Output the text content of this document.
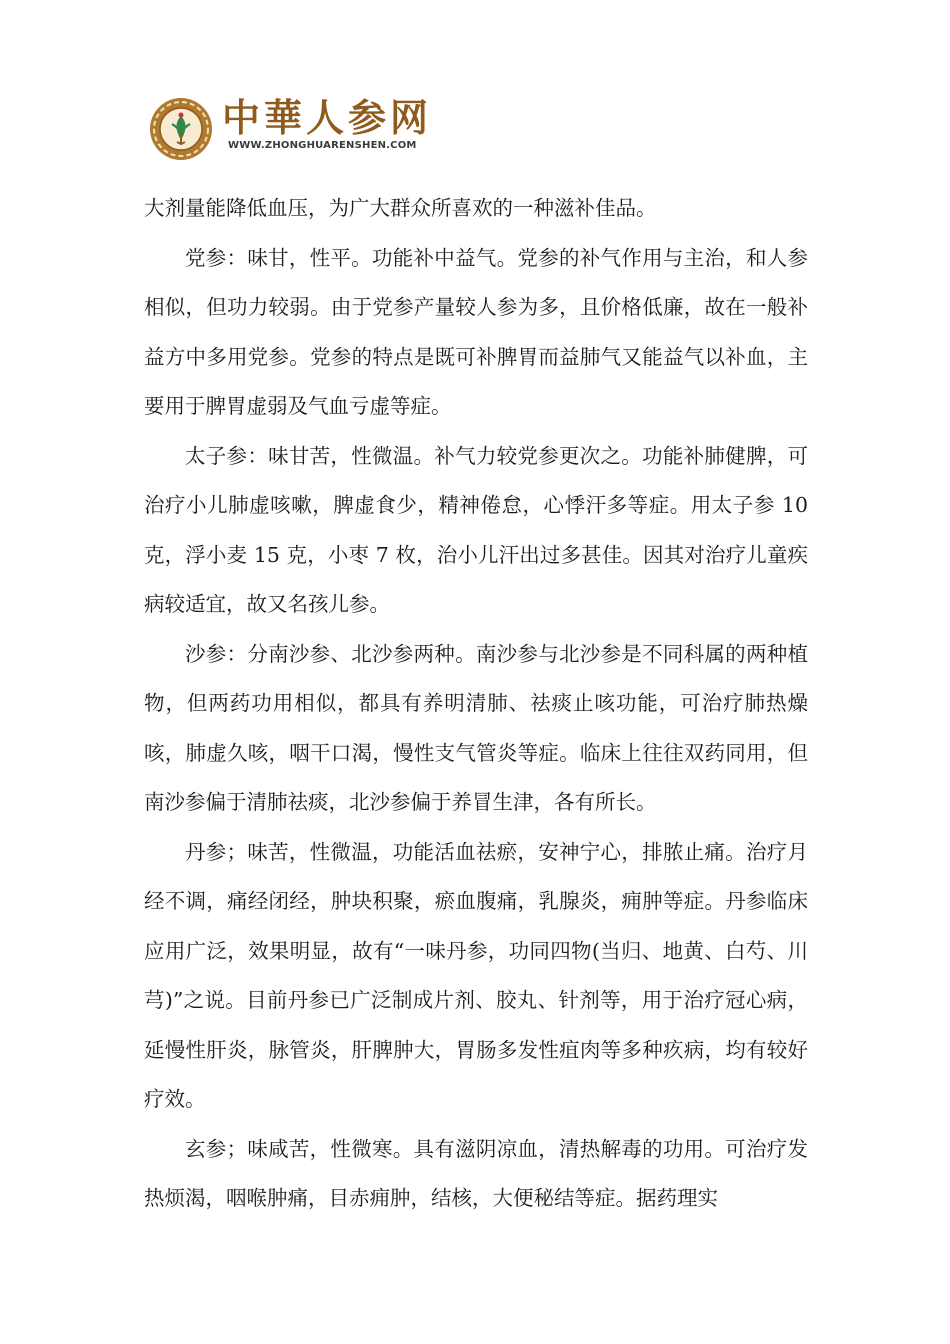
中華人参网
WWW.ZHONGHUARENSHEN.COM

大剂量能降低血压，为广大群众所喜欢的一种滋补佳品。

党参：味甘，性平。功能补中益气。党参的补气作用与主治，和人参相似，但功力较弱。由于党参产量较人参为多，且价格低廉，故在一般补益方中多用党参。党参的特点是既可补脾胃而益肺气又能益气以补血，主要用于脾胃虚弱及气血亏虚等症。

太子参：味甘苦，性微温。补气力较党参更次之。功能补肺健脾，可治疗小儿肺虚咳嗽，脾虚食少，精神倦怠，心悸汗多等症。用太子参 10 克，浮小麦 15 克，小枣 7 枚，治小儿汗出过多甚佳。因其对治疗儿童疾病较适宜，故又名孩儿参。

沙参：分南沙参、北沙参两种。南沙参与北沙参是不同科属的两种植物，但两药功用相似，都具有养明清肺、祛痰止咳功能，可治疗肺热燥咳，肺虚久咳，咽干口渴，慢性支气管炎等症。临床上往往双药同用，但南沙参偏于清肺祛痰，北沙参偏于养冒生津，各有所长。

丹参；味苦，性微温，功能活血祛瘀，安神宁心，排脓止痛。治疗月经不调，痛经闭经，肿块积聚，瘀血腹痛，乳腺炎，痈肿等症。丹参临床应用广泛，效果明显，故有“一味丹参，功同四物(当归、地黄、白芍、川芎)”之说。目前丹参已广泛制成片剂、胶丸、针剂等，用于治疗冠心病，延慢性肝炎，脉管炎，肝脾肿大，胃肠多发性疽肉等多种疚病，均有较好疗效。

玄参；味咸苦，性微寒。具有滋阴凉血，清热解毒的功用。可治疗发热烦渴，咽喉肿痛，目赤痈肿，结核，大便秘结等症。据药理实
